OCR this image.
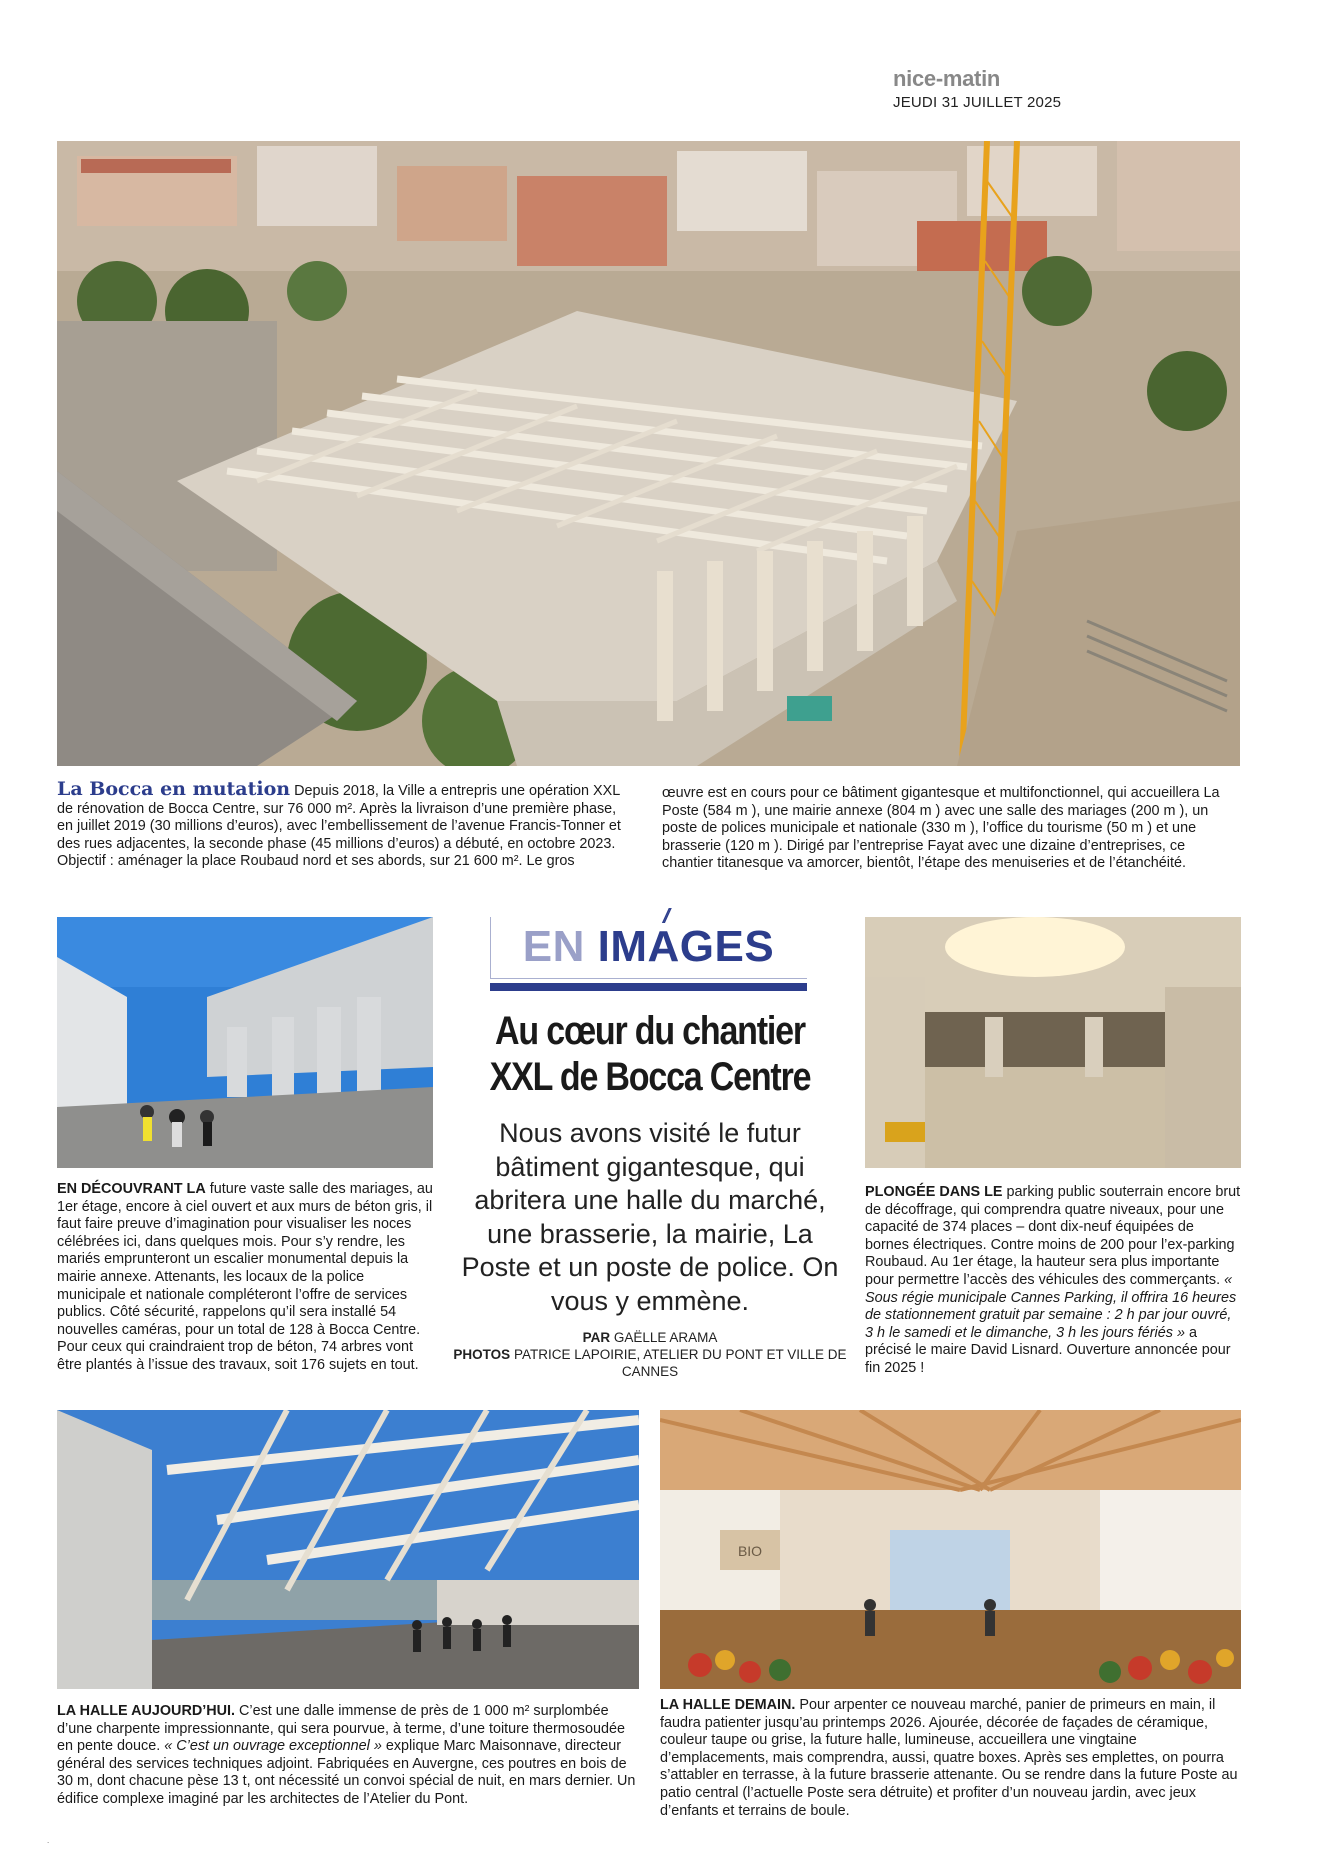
nice-matin
JEUDI 31 JUILLET 2025
La Bocca en mutation Depuis 2018, la Ville a entrepris une opération XXL de rénovation de Bocca Centre, sur 76 000 m². Après la livraison d’une première phase, en juillet 2019 (30 millions d’euros), avec l’embellissement de l’avenue Francis-Tonner et des rues adjacentes, la seconde phase (45 millions d’euros) a débuté, en octobre 2023. Objectif : aménager la place Roubaud nord et ses abords, sur 21 600 m². Le gros
œuvre est en cours pour ce bâtiment gigantesque et multifonctionnel, qui accueillera La Poste (584 m ), une mairie annexe (804 m ) avec une salle des mariages (200 m ), un poste de polices municipale et nationale (330 m ), l’office du tourisme (50 m ) et une brasserie (120 m ). Dirigé par l’entreprise Fayat avec une dizaine d’entreprises, ce chantier titanesque va amorcer, bientôt, l’étape des menuiseries et de l’étanchéité.
EN DÉCOUVRANT LA future vaste salle des mariages, au 1er étage, encore à ciel ouvert et aux murs de béton gris, il faut faire preuve d’imagination pour visualiser les noces célébrées ici, dans quelques mois. Pour s’y rendre, les mariés emprunteront un escalier monumental depuis la mairie annexe. Attenants, les locaux de la police municipale et nationale compléteront l’offre de services publics. Côté sécurité, rappelons qu’il sera installé 54 nouvelles caméras, pour un total de 128 à Bocca Centre. Pour ceux qui craindraient trop de béton, 74 arbres vont être plantés à l’issue des travaux, soit 176 sujets en tout.
//
EN IMAGES
Au cœur du chantier XXL de Bocca Centre
Nous avons visité le futur bâtiment gigantesque, qui abritera une halle du marché, une brasserie, la mairie, La Poste et un poste de police. On vous y emmène.
PAR GAËLLE ARAMA
PHOTOS PATRICE LAPOIRIE, ATELIER DU PONT ET VILLE DE CANNES
PLONGÉE DANS LE parking public souterrain encore brut de décoffrage, qui comprendra quatre niveaux, pour une capacité de 374 places – dont dix-neuf équipées de bornes électriques. Contre moins de 200 pour l’ex-parking Roubaud. Au 1er étage, la hauteur sera plus importante pour permettre l’accès des véhicules des commerçants. « Sous régie municipale Cannes Parking, il offrira 16 heures de stationnement gratuit par semaine : 2 h par jour ouvré, 3 h le samedi et le dimanche, 3 h les jours fériés » a précisé le maire David Lisnard. Ouverture annoncée pour fin 2025 !
LA HALLE AUJOURD’HUI. C’est une dalle immense de près de 1 000 m² surplombée d’une charpente impressionnante, qui sera pourvue, à terme, d’une toiture thermosoudée en pente douce. « C’est un ouvrage exceptionnel » explique Marc Maisonnave, directeur général des services techniques adjoint. Fabriquées en Auvergne, ces poutres en bois de 30 m, dont chacune pèse 13 t, ont nécessité un convoi spécial de nuit, en mars dernier. Un édifice complexe imaginé par les architectes de l’Atelier du Pont.
BIO
LA HALLE DEMAIN. Pour arpenter ce nouveau marché, panier de primeurs en main, il faudra patienter jusqu’au printemps 2026. Ajourée, décorée de façades de céramique, couleur taupe ou grise, la future halle, lumineuse, accueillera une vingtaine d’emplacements, mais comprendra, aussi, quatre boxes. Après ses emplettes, on pourra s’attabler en terrasse, à la future brasserie attenante. Ou se rendre dans la future Poste au patio central (l’actuelle Poste sera détruite) et profiter d’un nouveau jardin, avec jeux d’enfants et terrains de boule.
.
